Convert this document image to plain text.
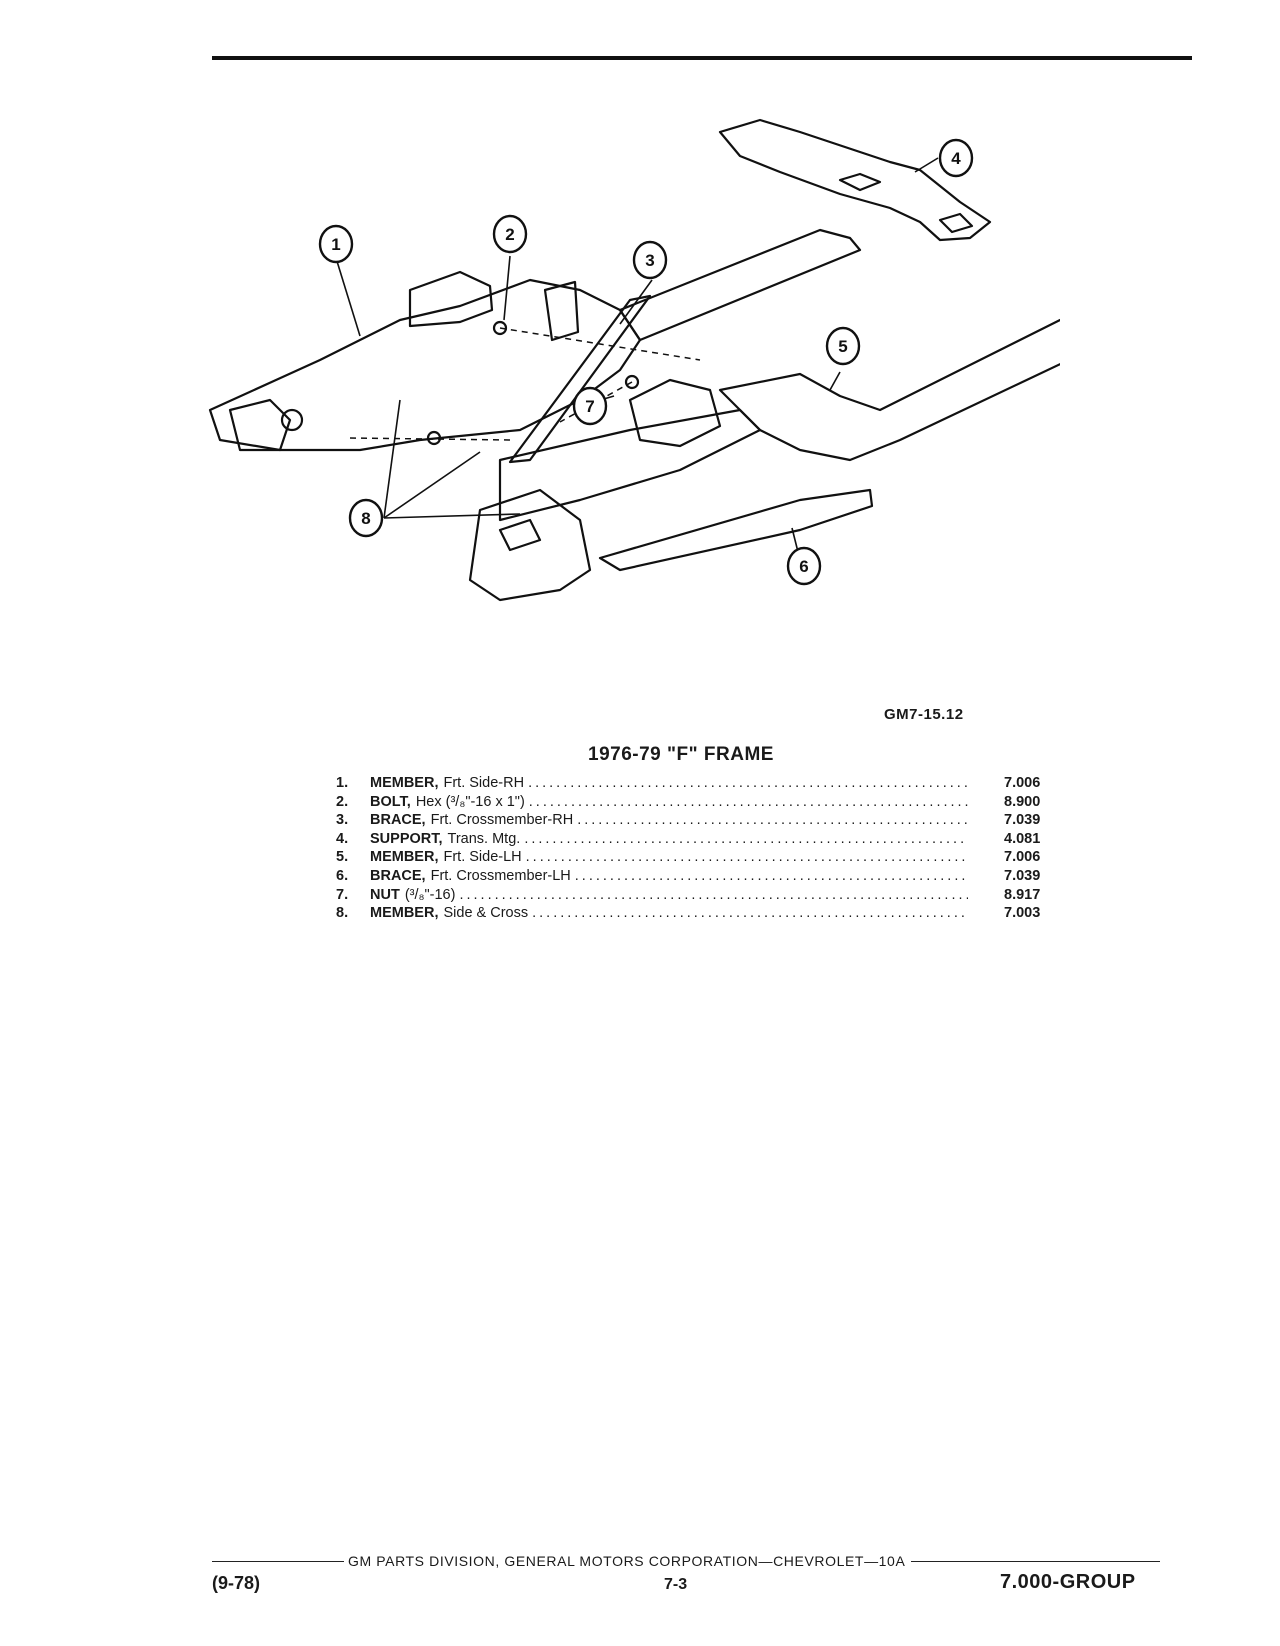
1
2
3
4
5
6
7
8
GM7-15.12
1976-79 "F" FRAME
1.	MEMBER, Frt. Side-RH .....	7.006
2.	BOLT, Hex (³/₈"-16 x 1") .....	8.900
3.	BRACE, Frt. Crossmember-RH .....	7.039
4.	SUPPORT, Trans. Mtg. .....	4.081
5.	MEMBER, Frt. Side-LH .....	7.006
6.	BRACE, Frt. Crossmember-LH .....	7.039
7.	NUT (³/₈"-16) .....	8.917
8.	MEMBER, Side & Cross .....	7.003
GM PARTS DIVISION, GENERAL MOTORS CORPORATION—CHEVROLET—10A
(9-78)	7-3	7.000-GROUP
